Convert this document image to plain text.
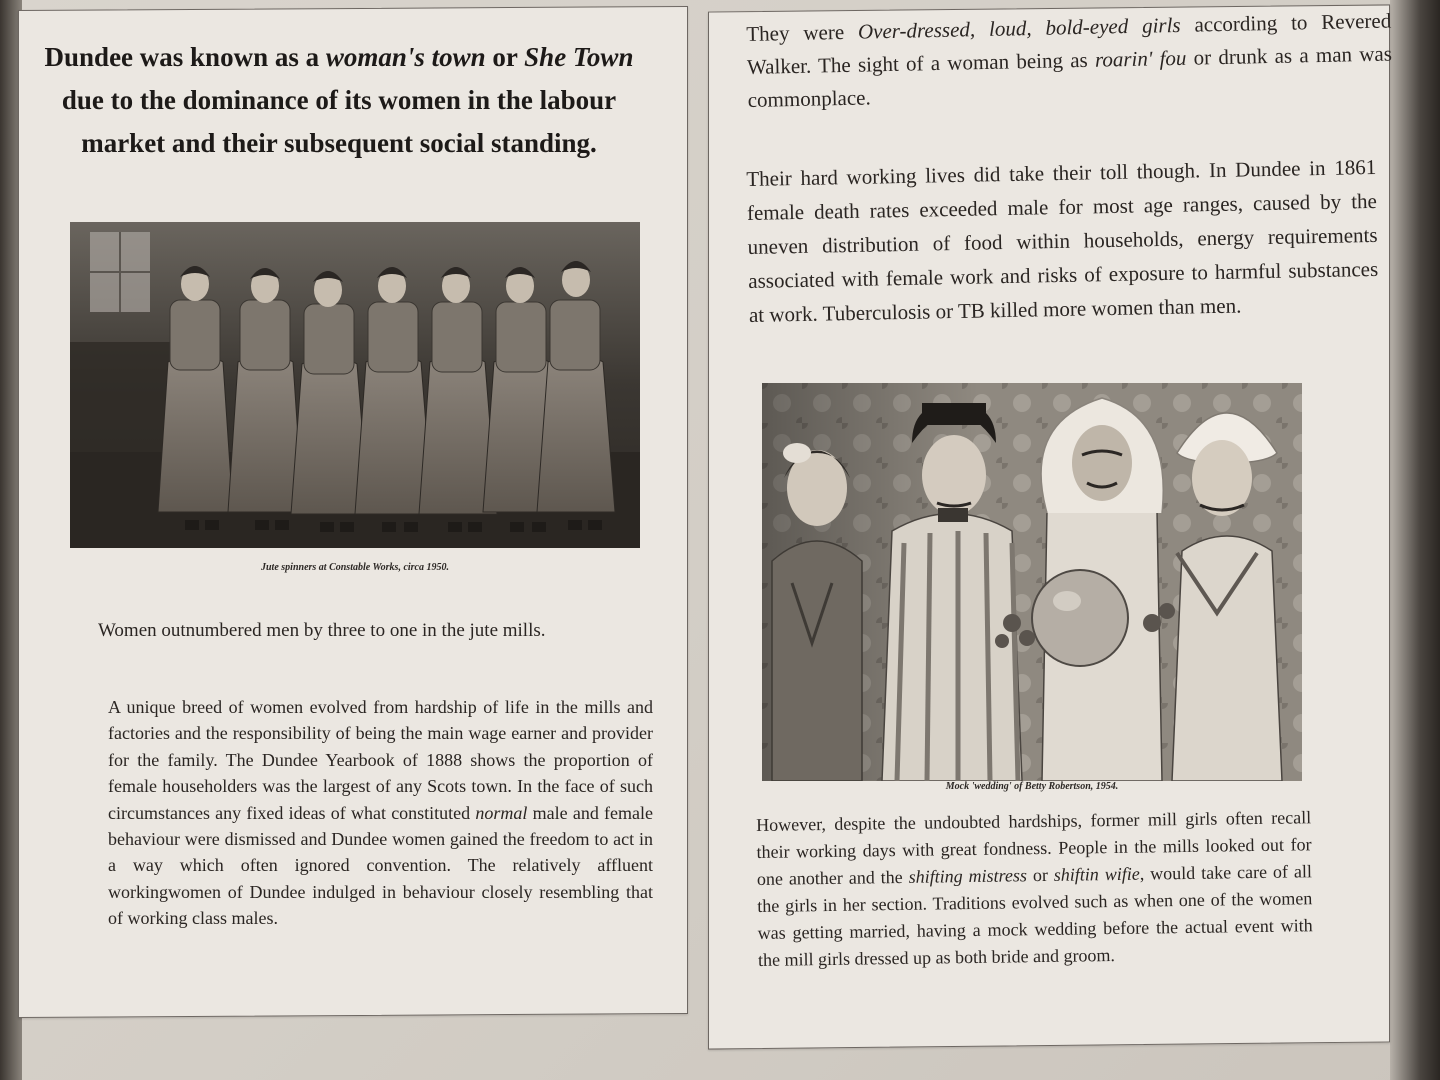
Dundee was known as a woman's town or She Town due to the dominance of its women in the labour market and their subsequent social standing.
Jute spinners at Constable Works, circa 1950.
Women outnumbered men by three to one in the jute mills.
A unique breed of women evolved from hardship of life in the mills and factories and the responsibility of being the main wage earner and provider for the family. The Dundee Yearbook of 1888 shows the proportion of female householders was the largest of any Scots town. In the face of such circumstances any fixed ideas of what constituted normal male and female behaviour were dismissed and Dundee women gained the freedom to act in a way which often ignored convention. The relatively affluent workingwomen of Dundee indulged in behaviour closely resembling that of working class males.
They were Over-dressed, loud, bold-eyed girls according to Revered Walker. The sight of a woman being as roarin' fou or drunk as a man was commonplace.
Their hard working lives did take their toll though. In Dundee in 1861 female death rates exceeded male for most age ranges, caused by the uneven distribution of food within households, energy requirements associated with female work and risks of exposure to harmful substances at work. Tuberculosis or TB killed more women than men.
Mock 'wedding' of Betty Robertson, 1954.
However, despite the undoubted hardships, former mill girls often recall their working days with great fondness. People in the mills looked out for one another and the shifting mistress or shiftin wifie, would take care of all the girls in her section. Traditions evolved such as when one of the women was getting married, having a mock wedding before the actual event with the mill girls dressed up as both bride and groom.
